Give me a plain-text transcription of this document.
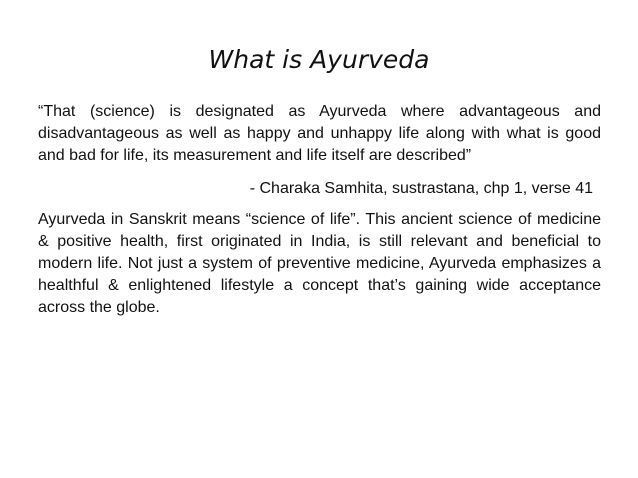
What is Ayurveda

“That (science) is designated as Ayurveda where advantageous and disadvantageous as well as happy and unhappy life along with what is good and bad for life, its measurement and life itself are described”

- Charaka Samhita, sustrastana, chp 1, verse 41

Ayurveda in Sanskrit means “science of life”. This ancient science of medicine & positive health, first originated in India, is still relevant and beneficial to modern life. Not just a system of preventive medicine, Ayurveda emphasizes a healthful & enlightened lifestyle a concept that’s gaining wide acceptance across the globe.
